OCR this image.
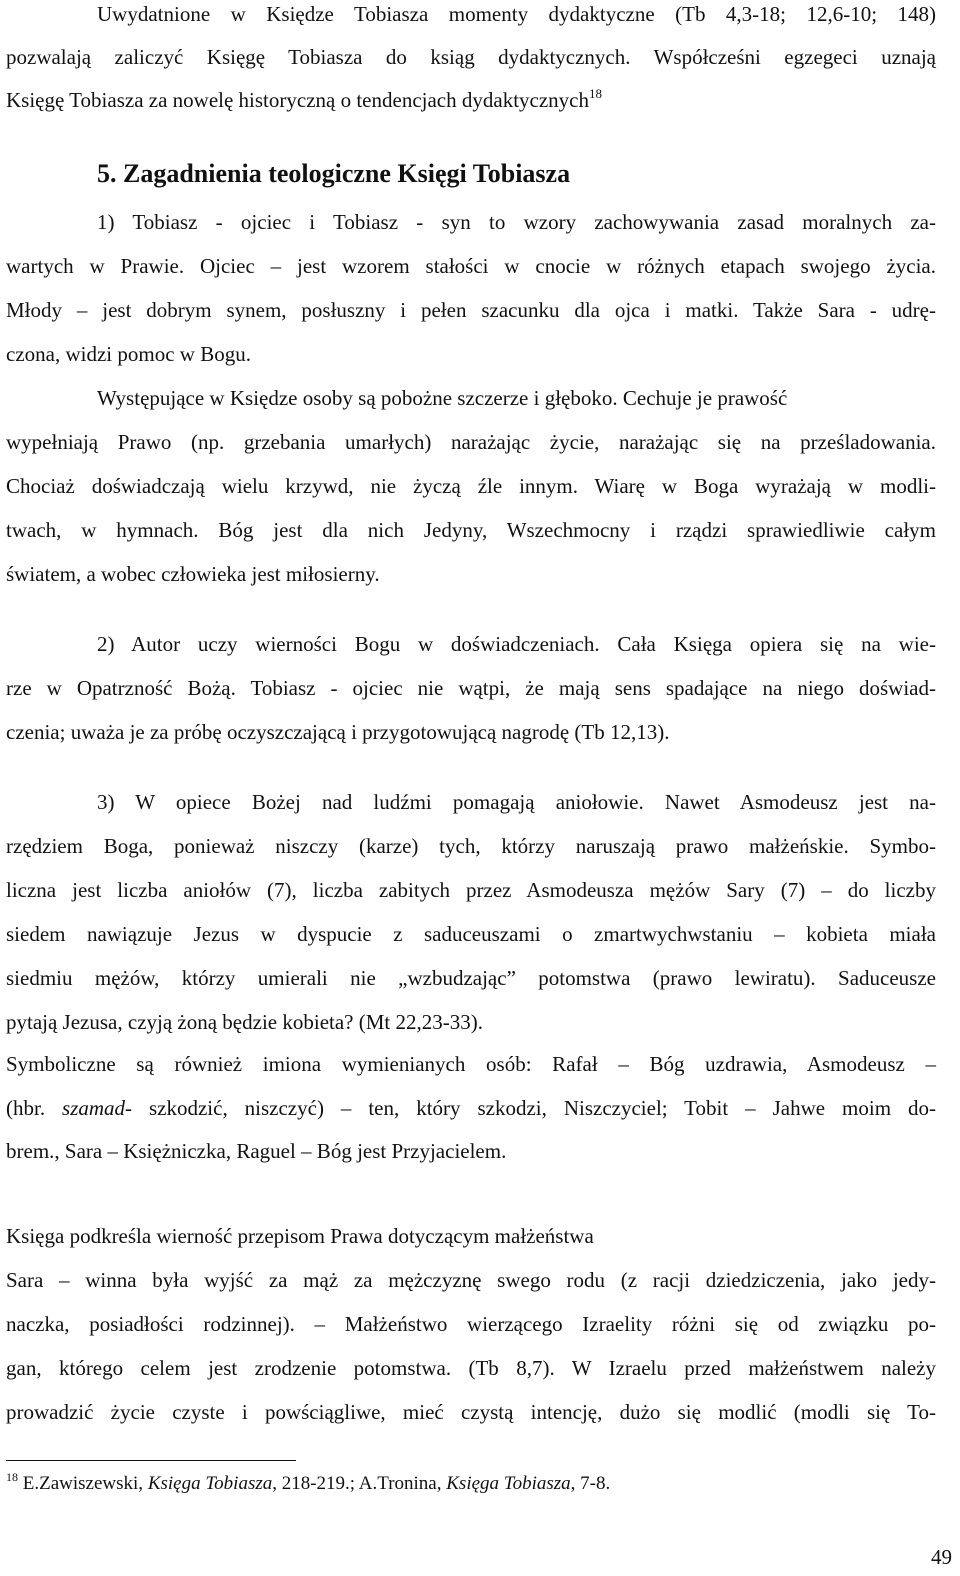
Uwydatnione w Księdze Tobiasza momenty dydaktyczne (Tb 4,3-18; 12,6-10; 148)
pozwalają zaliczyć Księgę Tobiasza do ksiąg dydaktycznych. Współcześni egzegeci uznają
Księgę Tobiasza za nowelę historyczną o tendencjach dydaktycznych$^{18}$
5. Zagadnienia teologiczne Księgi Tobiasza
1) Tobiasz - ojciec i Tobiasz - syn to wzory zachowywania zasad moralnych za-
wartych w Prawie. Ojciec – jest wzorem stałości w cnocie w różnych etapach swojego życia.
Młody – jest dobrym synem, posłuszny i pełen szacunku dla ojca i matki. Także Sara - udrę-
czona, widzi pomoc w Bogu.
Występujące w Księdze osoby są pobożne szczerze i głęboko. Cechuje je prawość
wypełniają Prawo (np. grzebania umarłych) narażając życie, narażając się na prześladowania.
Chociaż doświadczają wielu krzywd, nie życzą źle innym. Wiarę w Boga wyrażają w modli-
twach, w hymnach. Bóg jest dla nich Jedyny, Wszechmocny i rządzi sprawiedliwie całym
światem, a wobec człowieka jest miłosierny.
2) Autor uczy wierności Bogu w doświadczeniach. Cała Księga opiera się na wie-
rze w Opatrzność Bożą. Tobiasz - ojciec nie wątpi, że mają sens spadające na niego doświad-
czenia; uważa je za próbę oczyszczającą i przygotowującą nagrodę (Tb 12,13).
3) W opiece Bożej nad ludźmi pomagają aniołowie. Nawet Asmodeusz jest na-
rzędziem Boga, ponieważ niszczy (karze) tych, którzy naruszają prawo małżeńskie. Symbo-
liczna jest liczba aniołów (7), liczba zabitych przez Asmodeusza mężów Sary (7) – do liczby
siedem nawiązuje Jezus w dyspucie z saduceuszami o zmartwychwstaniu – kobieta miała
siedmiu mężów, którzy umierali nie „wzbudzając” potomstwa (prawo lewiratu). Saduceusze
pytają Jezusa, czyją żoną będzie kobieta? (Mt 22,23-33).
Symboliczne są również imiona wymienianych osób: Rafał – Bóg uzdrawia, Asmodeusz –
(hbr. szamad- szkodzić, niszczyć) – ten, który szkodzi, Niszczyciel; Tobit – Jahwe moim do-
brem., Sara – Księżniczka, Raguel – Bóg jest Przyjacielem.
Księga podkreśla wierność przepisom Prawa dotyczącym małżeństwa
Sara – winna była wyjść za mąż za mężczyznę swego rodu (z racji dziedziczenia, jako jedy-
naczka, posiadłości rodzinnej). – Małżeństwo wierzącego Izraelity różni się od związku po-
gan, którego celem jest zrodzenie potomstwa. (Tb 8,7). W Izraelu przed małżeństwem należy
prowadzić życie czyste i powściągliwe, mieć czystą intencję, dużo się modlić (modli się To-
$^{18}$ E.Zawiszewski, Księga Tobiasza, 218-219.; A.Tronina, Księga Tobiasza, 7-8.
49
